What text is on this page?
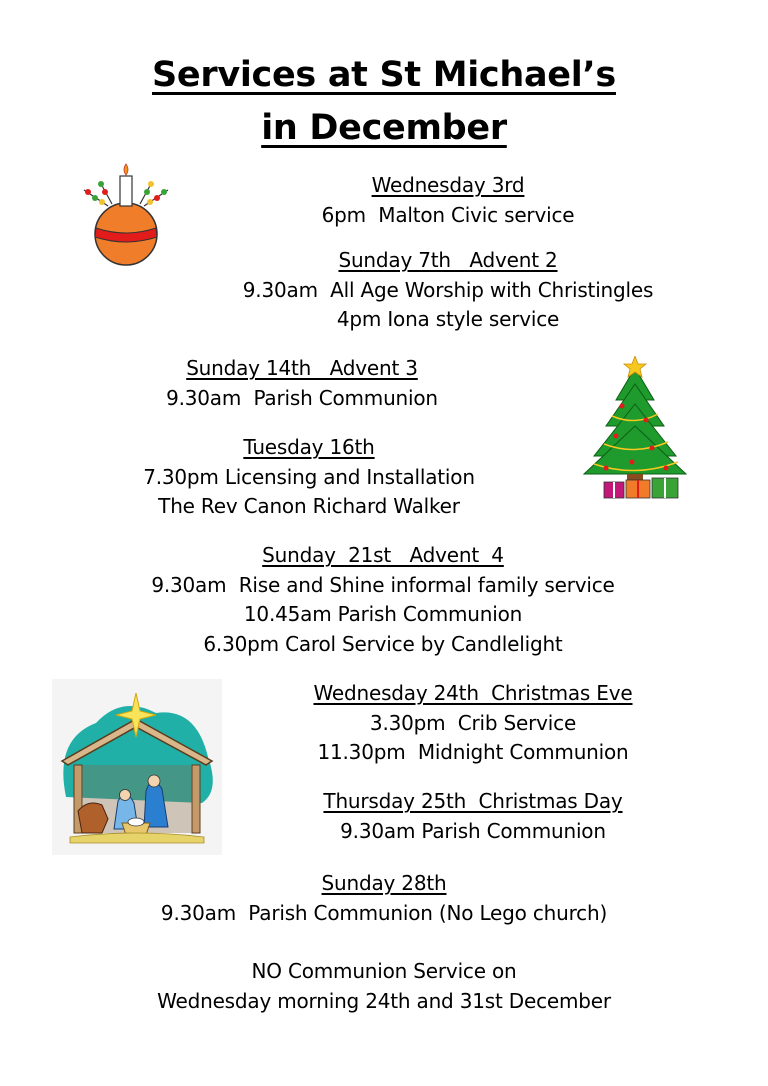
Services at St Michael’s
in December
Wednesday 3rd
6pm  Malton Civic service
Sunday 7th   Advent 2
9.30am  All Age Worship with Christingles
4pm Iona style service
Sunday 14th   Advent 3
9.30am  Parish Communion
Tuesday 16th
7.30pm Licensing and Installation
The Rev Canon Richard Walker
Sunday  21st   Advent  4
9.30am  Rise and Shine informal family service
10.45am Parish Communion
6.30pm Carol Service by Candlelight
Wednesday 24th  Christmas Eve
3.30pm  Crib Service
11.30pm  Midnight Communion
Thursday 25th  Christmas Day
9.30am Parish Communion
Sunday 28th
9.30am  Parish Communion (No Lego church)
NO Communion Service on
Wednesday morning 24th and 31st December
